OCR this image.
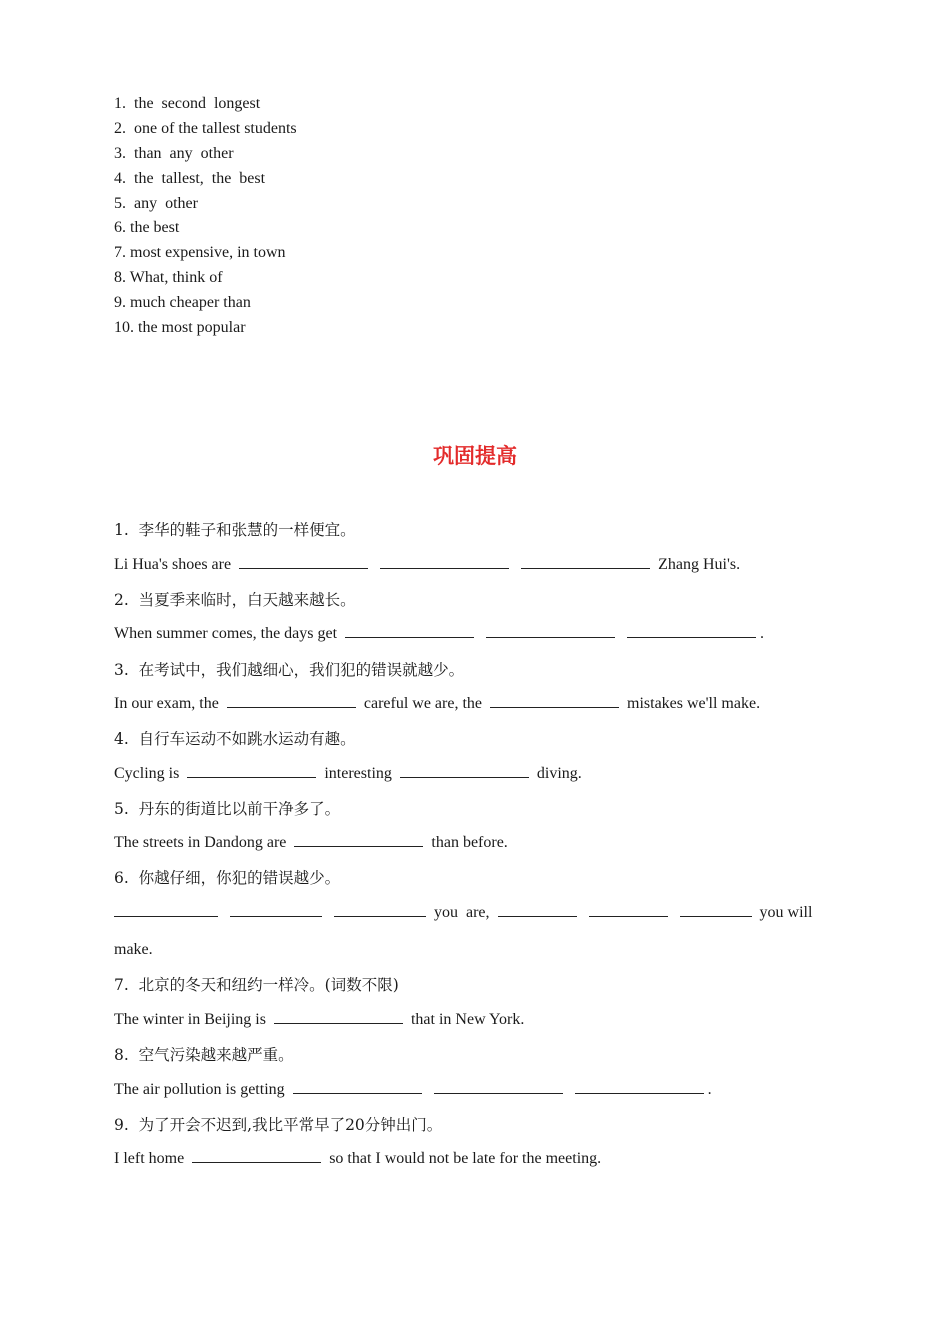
1.  the  second  longest
2.  one of the tallest students
3.  than  any  other
4.  the  tallest,  the  best
5.  any  other
6. the best
7. most expensive, in town
8. What, think of
9. much cheaper than
10. the most popular
巩固提高
1.  李华的鞋子和张慧的一样便宜。
Li Hua's shoes are	Zhang Hui's.
2.  当夏季来临时，白天越来越长。
When summer comes, the days get	.
3.  在考试中，我们越细心，我们犯的错误就越少。
In our exam, the	careful we are, the	mistakes we'll make.
4.  自行车运动不如跳水运动有趣。
Cycling is	interesting	diving.
5.  丹东的街道比以前干净多了。
The streets in Dandong are	than before.
6.  你越仔细，你犯的错误越少。
you  are,	you will
make.
7.  北京的冬天和纽约一样冷。(词数不限)
The winter in Beijing is	that in New York.
8.  空气污染越来越严重。
The air pollution is getting	.
9.  为了开会不迟到,我比平常早了20分钟出门。
I left home	so that I would not be late for the meeting.
